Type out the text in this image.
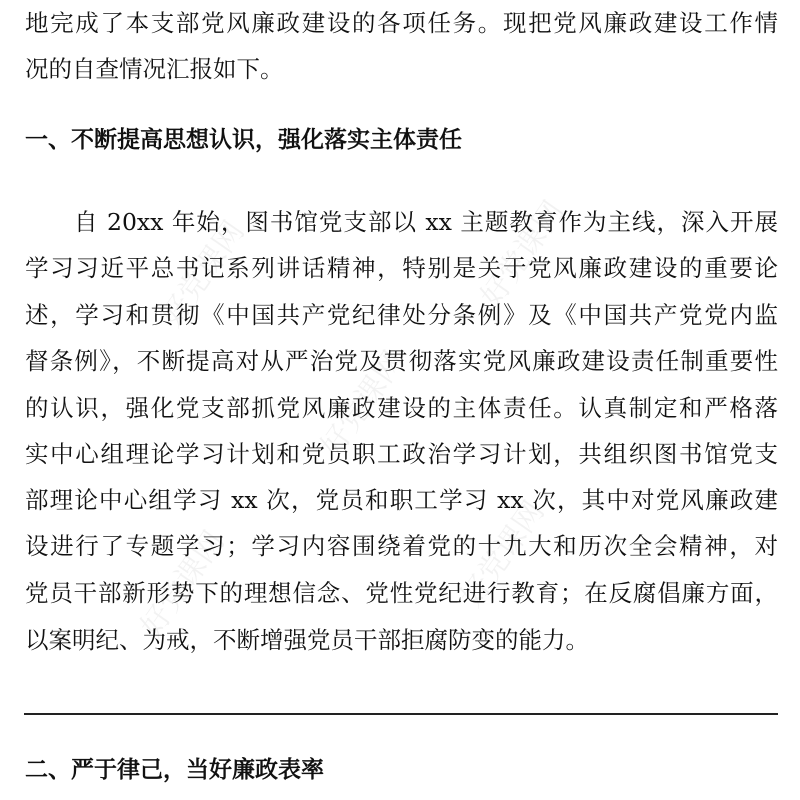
好党课网	好党课网
好党课网
好党课网	好党课网
地完成了本支部党风廉政建设的各项任务。现把党风廉政建设工作情
况的自查情况汇报如下。
一、不断提高思想认识，强化落实主体责任
　　自 20xx 年始，图书馆党支部以 xx 主题教育作为主线，深入开展
学习习近平总书记系列讲话精神，特别是关于党风廉政建设的重要论
述，学习和贯彻《中国共产党纪律处分条例》及《中国共产党党内监
督条例》，不断提高对从严治党及贯彻落实党风廉政建设责任制重要性
的认识，强化党支部抓党风廉政建设的主体责任。认真制定和严格落
实中心组理论学习计划和党员职工政治学习计划，共组织图书馆党支
部理论中心组学习 xx 次，党员和职工学习 xx 次，其中对党风廉政建
设进行了专题学习；学习内容围绕着党的十九大和历次全会精神，对
党员干部新形势下的理想信念、党性党纪进行教育；在反腐倡廉方面，
以案明纪、为戒，不断增强党员干部拒腐防变的能力。
二、严于律己，当好廉政表率
